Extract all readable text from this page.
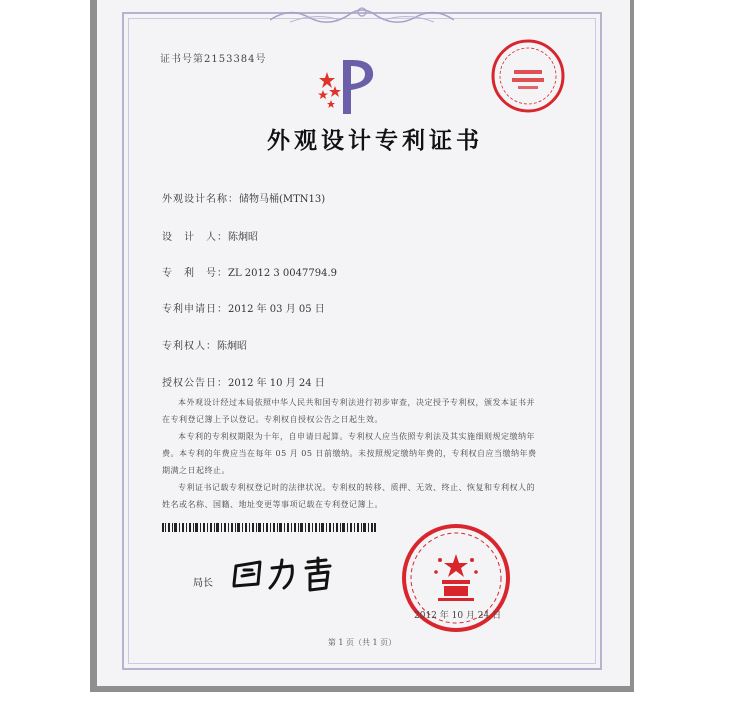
证书号第2153384号
外观设计专利证书
外观设计名称：储物马桶(MTN13)
设　计　人：陈炯昭
专　利　号：ZL 2012 3 0047794.9
专利申请日：2012 年 03 月 05 日
专利权人：陈炯昭
授权公告日：2012 年 10 月 24 日
本外观设计经过本局依照中华人民共和国专利法进行初步审查，决定授予专利权，颁发本证书并在专利登记簿上予以登记。专利权自授权公告之日起生效。
本专利的专利权期限为十年，自申请日起算。专利权人应当依照专利法及其实施细则规定缴纳年费。本专利的年费应当在每年 05 月 05 日前缴纳。未按照规定缴纳年费的，专利权自应当缴纳年费期满之日起终止。
专利证书记载专利权登记时的法律状况。专利权的转移、质押、无效、终止、恢复和专利权人的姓名或名称、国籍、地址变更等事项记载在专利登记簿上。
局长
2012 年 10 月 24 日
第 1 页（共 1 页）
